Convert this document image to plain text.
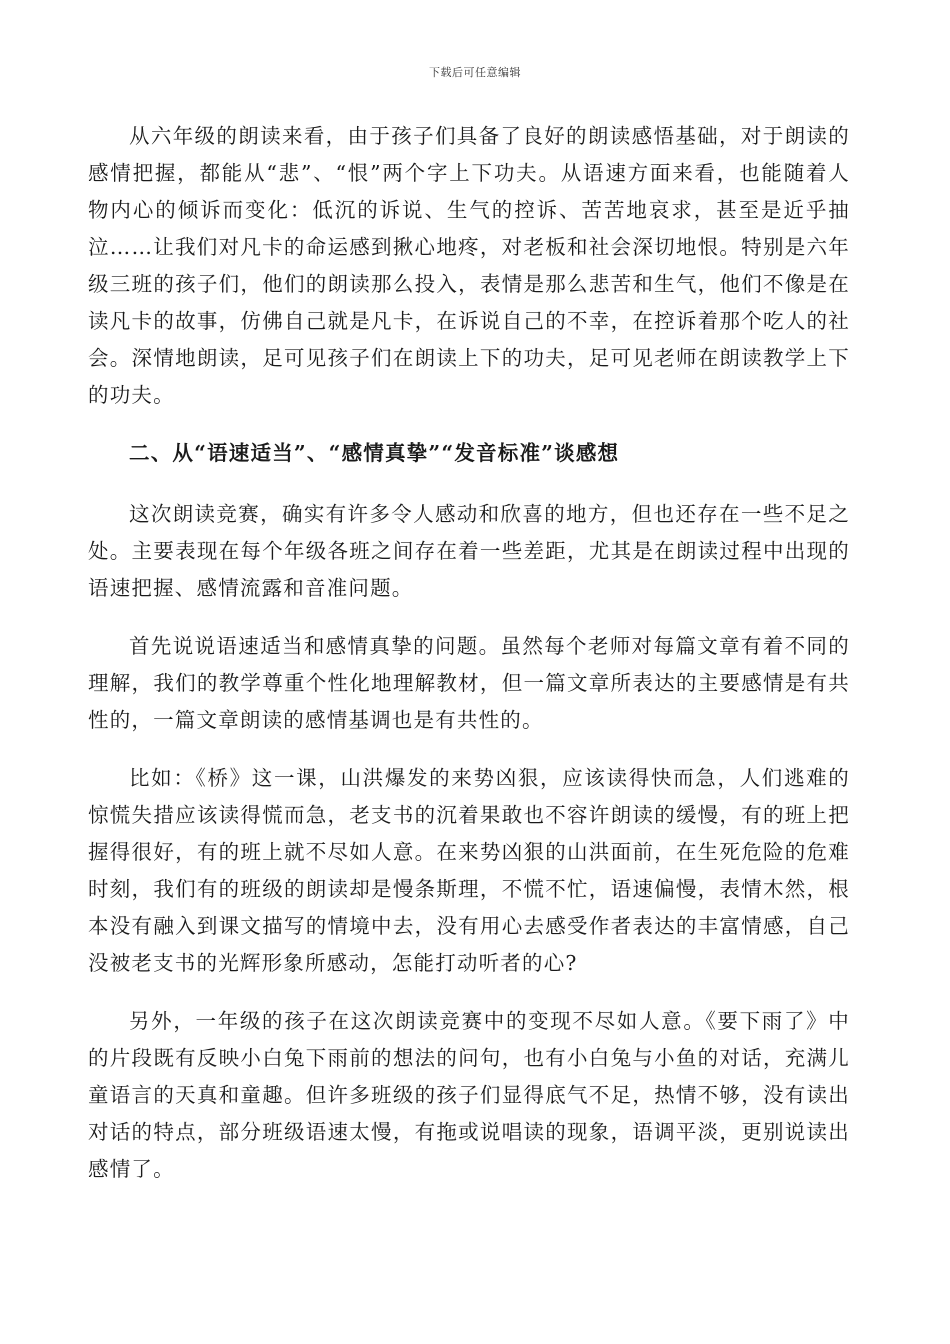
下载后可任意编辑

从六年级的朗读来看，由于孩子们具备了良好的朗读感悟基础，对于朗读的感情把握，都能从“悲”、“恨”两个字上下功夫。从语速方面来看，也能随着人物内心的倾诉而变化：低沉的诉说、生气的控诉、苦苦地哀求，甚至是近乎抽泣……让我们对凡卡的命运感到揪心地疼，对老板和社会深切地恨。特别是六年级三班的孩子们，他们的朗读那么投入，表情是那么悲苦和生气，他们不像是在读凡卡的故事，仿佛自己就是凡卡，在诉说自己的不幸，在控诉着那个吃人的社会。深情地朗读，足可见孩子们在朗读上下的功夫，足可见老师在朗读教学上下的功夫。

二、从“语速适当”、“感情真挚”“发音标准”谈感想

这次朗读竞赛，确实有许多令人感动和欣喜的地方，但也还存在一些不足之处。主要表现在每个年级各班之间存在着一些差距，尤其是在朗读过程中出现的语速把握、感情流露和音准问题。

首先说说语速适当和感情真挚的问题。虽然每个老师对每篇文章有着不同的理解，我们的教学尊重个性化地理解教材，但一篇文章所表达的主要感情是有共性的，一篇文章朗读的感情基调也是有共性的。

比如：《桥》这一课，山洪爆发的来势凶狠，应该读得快而急，人们逃难的惊慌失措应该读得慌而急，老支书的沉着果敢也不容许朗读的缓慢，有的班上把握得很好，有的班上就不尽如人意。在来势凶狠的山洪面前，在生死危险的危难时刻，我们有的班级的朗读却是慢条斯理，不慌不忙，语速偏慢，表情木然，根本没有融入到课文描写的情境中去，没有用心去感受作者表达的丰富情感，自己没被老支书的光辉形象所感动，怎能打动听者的心?

另外，一年级的孩子在这次朗读竞赛中的变现不尽如人意。《要下雨了》中的片段既有反映小白兔下雨前的想法的问句，也有小白兔与小鱼的对话，充满儿童语言的天真和童趣。但许多班级的孩子们显得底气不足，热情不够，没有读出对话的特点，部分班级语速太慢，有拖或说唱读的现象，语调平淡，更别说读出感情了。
